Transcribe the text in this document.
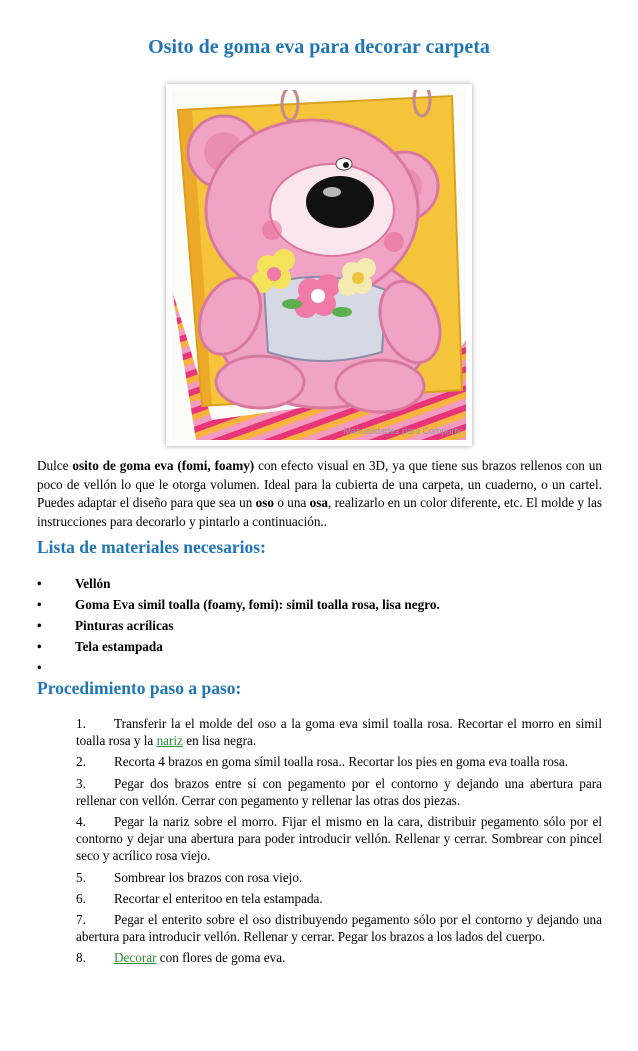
Osito de goma eva para decorar carpeta
Manualidades para Compartir
Dulce osito de goma eva (fomi, foamy) con efecto visual en 3D, ya que tiene sus brazos rellenos con un poco de vellón lo que le otorga volumen. Ideal para la cubierta de una carpeta, un cuaderno, o un cartel. Puedes adaptar el diseño para que sea un oso o una osa, realizarlo en un color diferente, etc. El molde y las instrucciones para decorarlo y pintarlo a continuación..
Lista de materiales necesarios:
•	Vellón
•	Goma Eva simil toalla (foamy, fomi): simil toalla rosa, lisa negro.
•	Pinturas acrílicas
•	Tela estampada
•
Procedimiento paso a paso:
1. Transferir la el molde del oso a la goma eva simil toalla rosa. Recortar el morro en simil toalla rosa y la nariz en lisa negra.
2. Recorta 4 brazos en goma símil toalla rosa.. Recortar los pies en goma eva toalla rosa.
3. Pegar dos brazos entre sí con pegamento por el contorno y dejando una abertura para rellenar con vellón. Cerrar con pegamento y rellenar las otras dos piezas.
4. Pegar la nariz sobre el morro. Fijar el mismo en la cara, distribuir pegamento sólo por el contorno y dejar una abertura para poder introducir vellón. Rellenar y cerrar. Sombrear con pincel seco y acrílico rosa viejo.
5. Sombrear los brazos con rosa viejo.
6. Recortar el enteritoo en tela estampada.
7. Pegar el enterito sobre el oso distribuyendo pegamento sólo por el contorno y dejando una abertura para introducir vellón. Rellenar y cerrar. Pegar los brazos a los lados del cuerpo.
8. Decorar con flores de goma eva.
